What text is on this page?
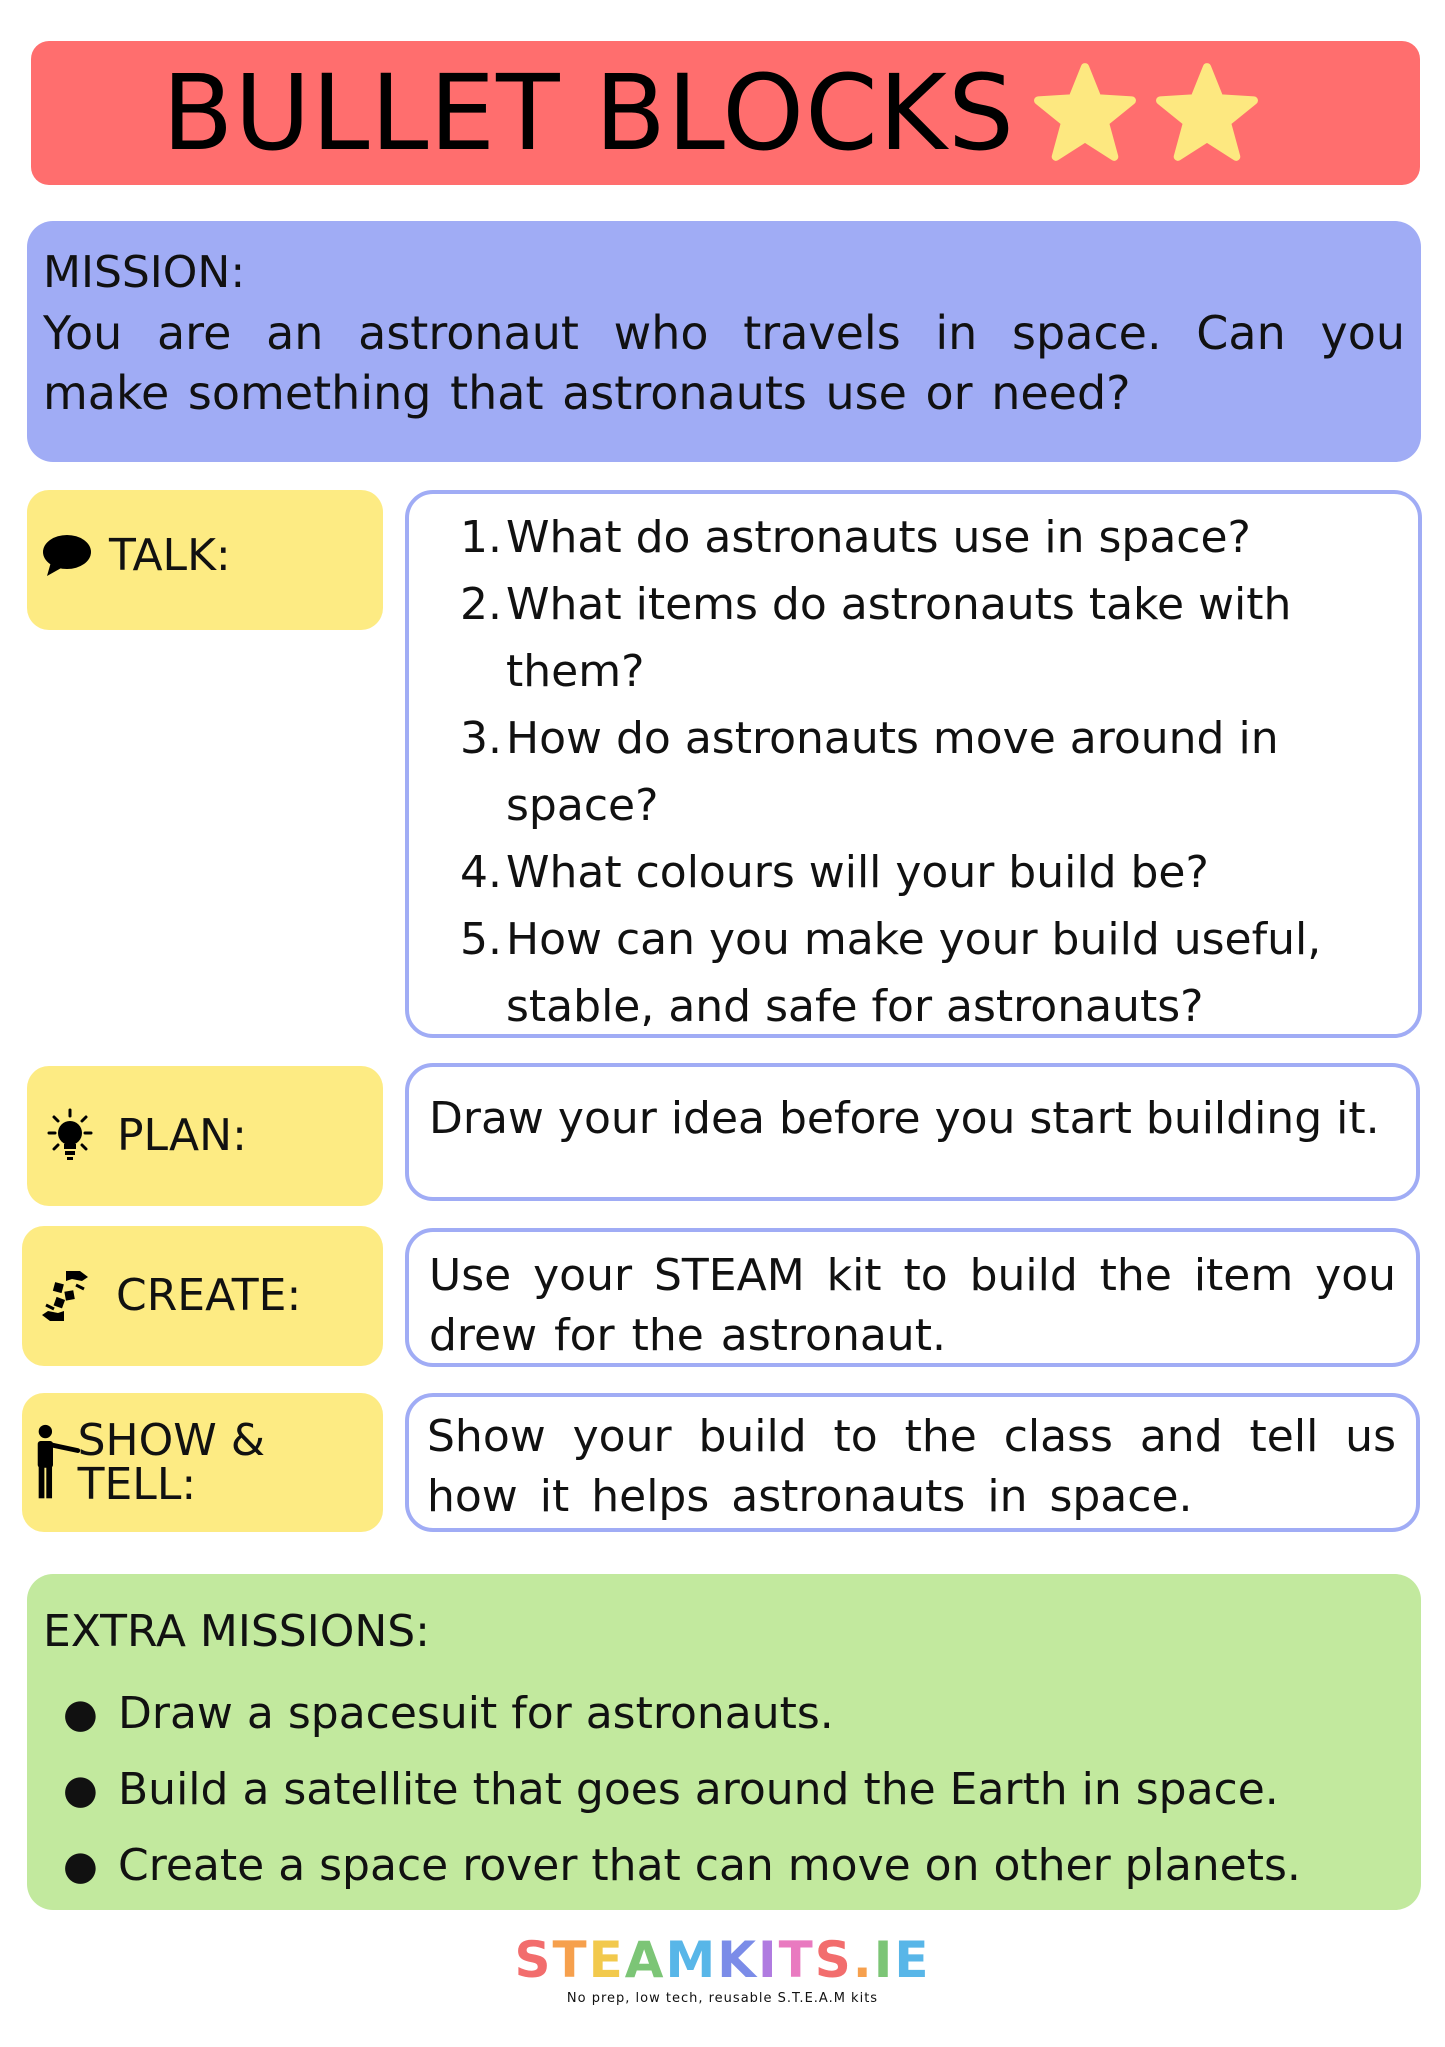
BULLET BLOCKS
MISSION:
You are an astronaut who travels in space. Can you make something that astronauts use or need?
TALK:	1. What do astronauts use in space?
2. What items do astronauts take with them?
3. How do astronauts move around in space?
4. What colours will your build be?
5. How can you make your build useful, stable, and safe for astronauts?
PLAN:	Draw your idea before you start building it.
CREATE:	Use your STEAM kit to build the item you drew for the astronaut.
SHOW & TELL:
Show your build to the class and tell us how it helps astronauts in space.
EXTRA MISSIONS:
● Draw a spacesuit for astronauts.
● Build a satellite that goes around the Earth in space.
● Create a space rover that can move on other planets.
STEAMKITS.IE
No prep, low tech, reusable S.T.E.A.M kits
